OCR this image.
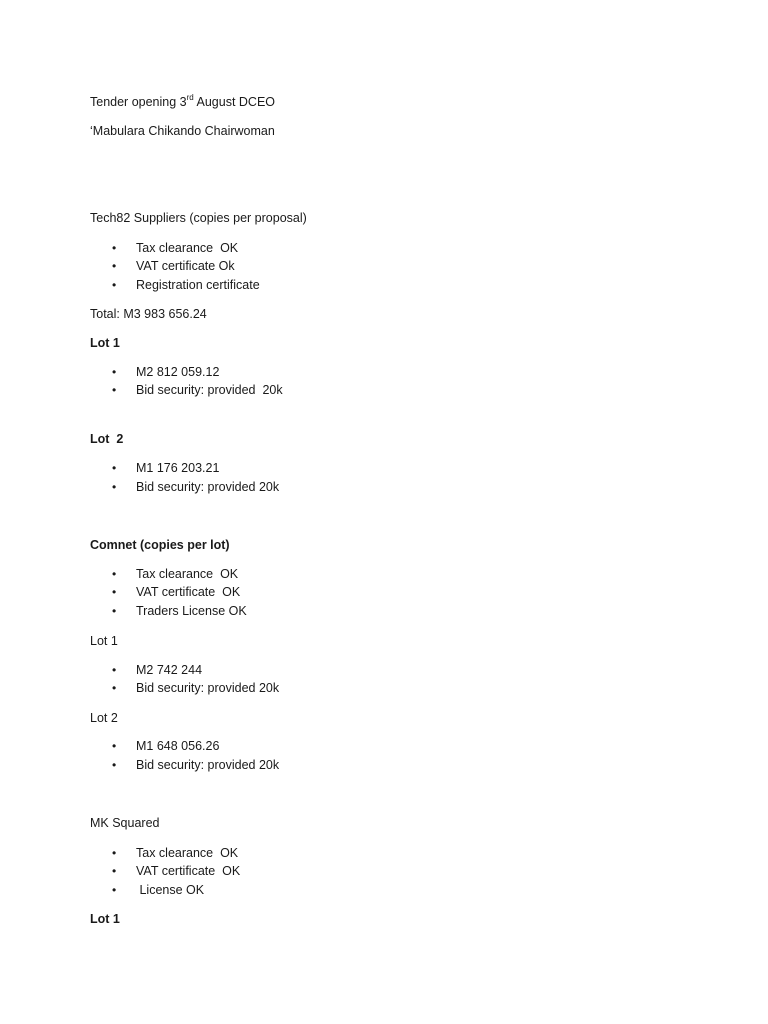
Tender opening 3rd August DCEO
‘Mabulara Chikando Chairwoman
Tech82 Suppliers (copies per proposal)
• Tax clearance  OK
• VAT certificate Ok
• Registration certificate
Total: M3 983 656.24
Lot 1
• M2 812 059.12
• Bid security: provided  20k
Lot  2
• M1 176 203.21
• Bid security: provided 20k
Comnet (copies per lot)
• Tax clearance  OK
• VAT certificate  OK
• Traders License OK
Lot 1
• M2 742 244
• Bid security: provided 20k
Lot 2
• M1 648 056.26
• Bid security: provided 20k
MK Squared
• Tax clearance  OK
• VAT certificate  OK
• License OK
Lot 1
